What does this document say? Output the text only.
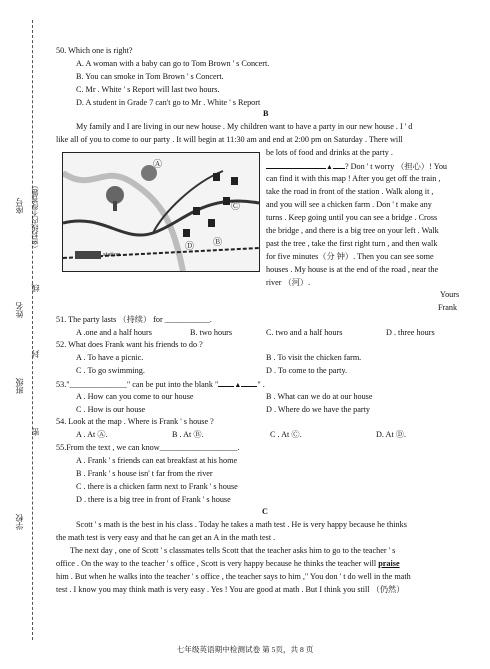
座号 （密封线内不得答题）
线
姓名
封
班级
密
学校
50. Which one is right?
A. A woman with a baby can go to Tom Brown ' s Concert.
B. You can smoke in Tom Brown ' s Concert.
C. Mr . White ' s Report will last two hours.
D. A student in Grade 7 can't go to Mr . White ' s Report
B
My family and I are living in our new house . My children want to have a party in our new house . I ' d
like all of you to come to our party . It will begin at 11:30 am and end at 2:00 pm on Saturday . There will
be lots of food and drinks at the party .
▲ ? Don ' t worry （担心）! You
can find it with this map ! After you get off the train ,
take the road in front of the station . Walk along it ,
and you will see a chicken farm . Don ' t make any
turns . Keep going until you can see a bridge . Cross
the bridge , and there is a big tree on your left . Walk
past the tree , take the first right turn , and then walk
for five minutes（分 钟）. Then you can see some
houses . My house is at the end of the road , near the
river （河）.
Yours
Frank
Ⓐ
Ⓑ
Ⓒ
Ⓓ
station
51. The party lasts （持续） for ___________.
A .one and a half hours	B. two hours	C. two and a half hours	D . three hours
52. What does Frank want his friends to do ?
A . To have a picnic.	B . To visit the chicken farm.
C . To go swimming.	D . To come to the party.
53."______________" can be put into the blank " ▲ " .
A . How can you come to our house	B . What can we do at our house
C . How is our house	D . Where do we have the party
54. Look at the map . Where is Frank ' s house ?
A . At Ⓐ.	B . At Ⓑ.	C . At Ⓒ.	D. At Ⓓ.
55.From the text , we can know___________________.
A . Frank ' s friends can eat breakfast at his home
B . Frank ' s house isn' t far from the river
C . there is a chicken farm next to Frank ' s house
D . there is a big tree in front of Frank ' s house
C
Scott ' s math is the best in his class . Today he takes a math test . He is very happy because he thinks
the math test is very easy and that he can get an A in the math test .
The next day , one of Scott ' s classmates tells Scott that the teacher asks him to go to the teacher ' s
office . On the way to the teacher ' s office , Scott is very happy because he thinks the teacher will praise
him . But when he walks into the teacher ' s office , the teacher says to him ," You don ' t do well in the math
test . I know you may think math is very easy . Yes ! You are good at math . But I think you still （仍然）
七年级英语期中检测试卷 第 5页，共 8 页
